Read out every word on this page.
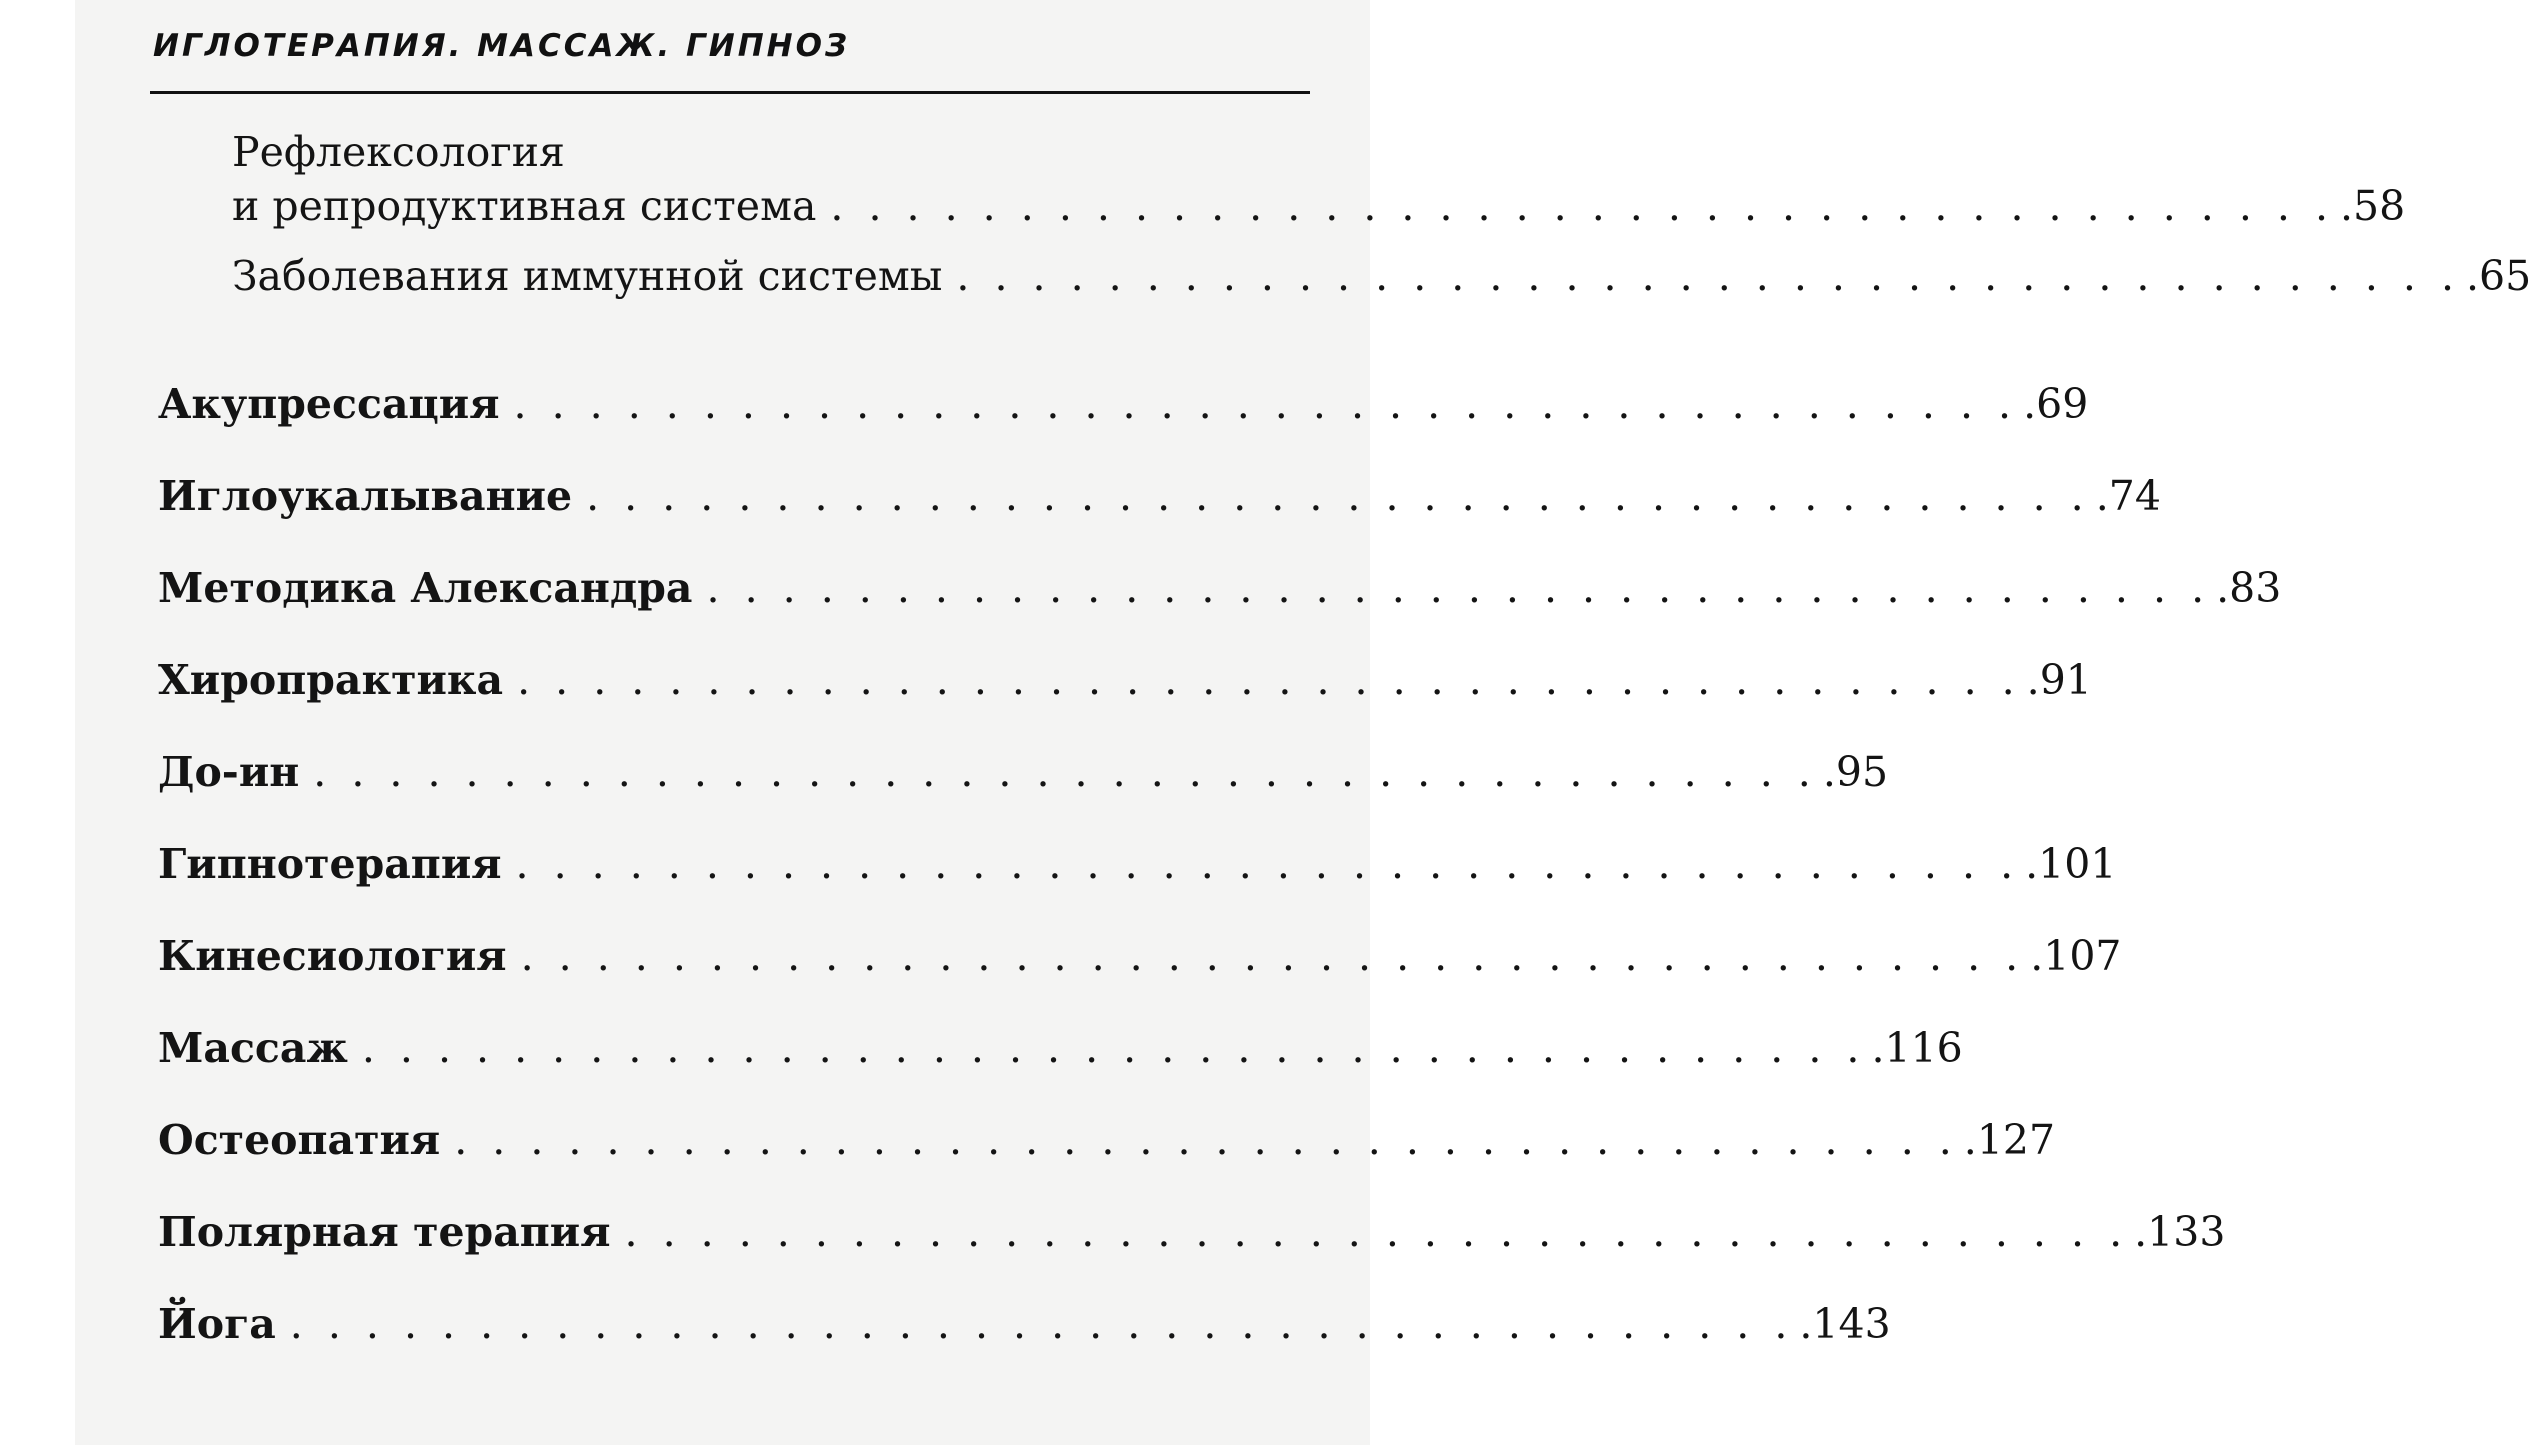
ИГЛОТЕРАПИЯ. МАССАЖ. ГИПНОЗ
Рефлексология
и репродуктивная система . . . . . . . . . . . . . . . . . . . . . . . . . . . . . . . . . . . . . . . . .58
Заболевания иммунной системы . . . . . . . . . . . . . . . . . . . . . . . . . . . . . . . . . . . . . . . . .65
Акупрессация . . . . . . . . . . . . . . . . . . . . . . . . . . . . . . . . . . . . . . . . .69
Иглоукалывание . . . . . . . . . . . . . . . . . . . . . . . . . . . . . . . . . . . . . . . . .74
Методика Александра . . . . . . . . . . . . . . . . . . . . . . . . . . . . . . . . . . . . . . . . .83
Хиропрактика . . . . . . . . . . . . . . . . . . . . . . . . . . . . . . . . . . . . . . . . .91
До-ин . . . . . . . . . . . . . . . . . . . . . . . . . . . . . . . . . . . . . . . . .95
Гипнотерапия . . . . . . . . . . . . . . . . . . . . . . . . . . . . . . . . . . . . . . . . .101
Кинесиология . . . . . . . . . . . . . . . . . . . . . . . . . . . . . . . . . . . . . . . . .107
Массаж . . . . . . . . . . . . . . . . . . . . . . . . . . . . . . . . . . . . . . . . .116
Остеопатия . . . . . . . . . . . . . . . . . . . . . . . . . . . . . . . . . . . . . . . . .127
Полярная терапия . . . . . . . . . . . . . . . . . . . . . . . . . . . . . . . . . . . . . . . . .133
Йога . . . . . . . . . . . . . . . . . . . . . . . . . . . . . . . . . . . . . . . . .143
